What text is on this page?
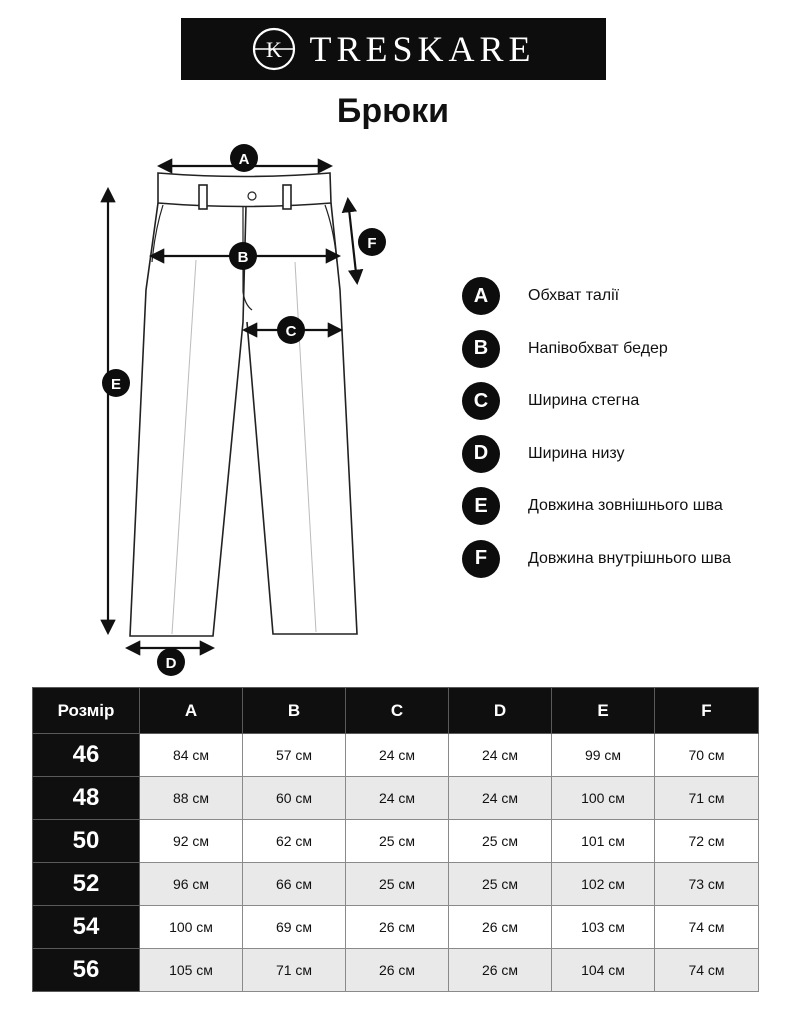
K TRESKARE
Брюки
A
B
C
D
E
F
A	Обхват талії
B	Напівобхват бедер
C	Ширина стегна
D	Ширина низу
E	Довжина зовнішнього шва
F	Довжина внутрішнього шва
Розмір	A	B	C	D	E	F
46	84 см	57 см	24 см	24 см	99 см	70 см
48	88 см	60 см	24 см	24 см	100 см	71 см
50	92 см	62 см	25 см	25 см	101 см	72 см
52	96 см	66 см	25 см	25 см	102 см	73 см
54	100 см	69 см	26 см	26 см	103 см	74 см
56	105 см	71 см	26 см	26 см	104 см	74 см
